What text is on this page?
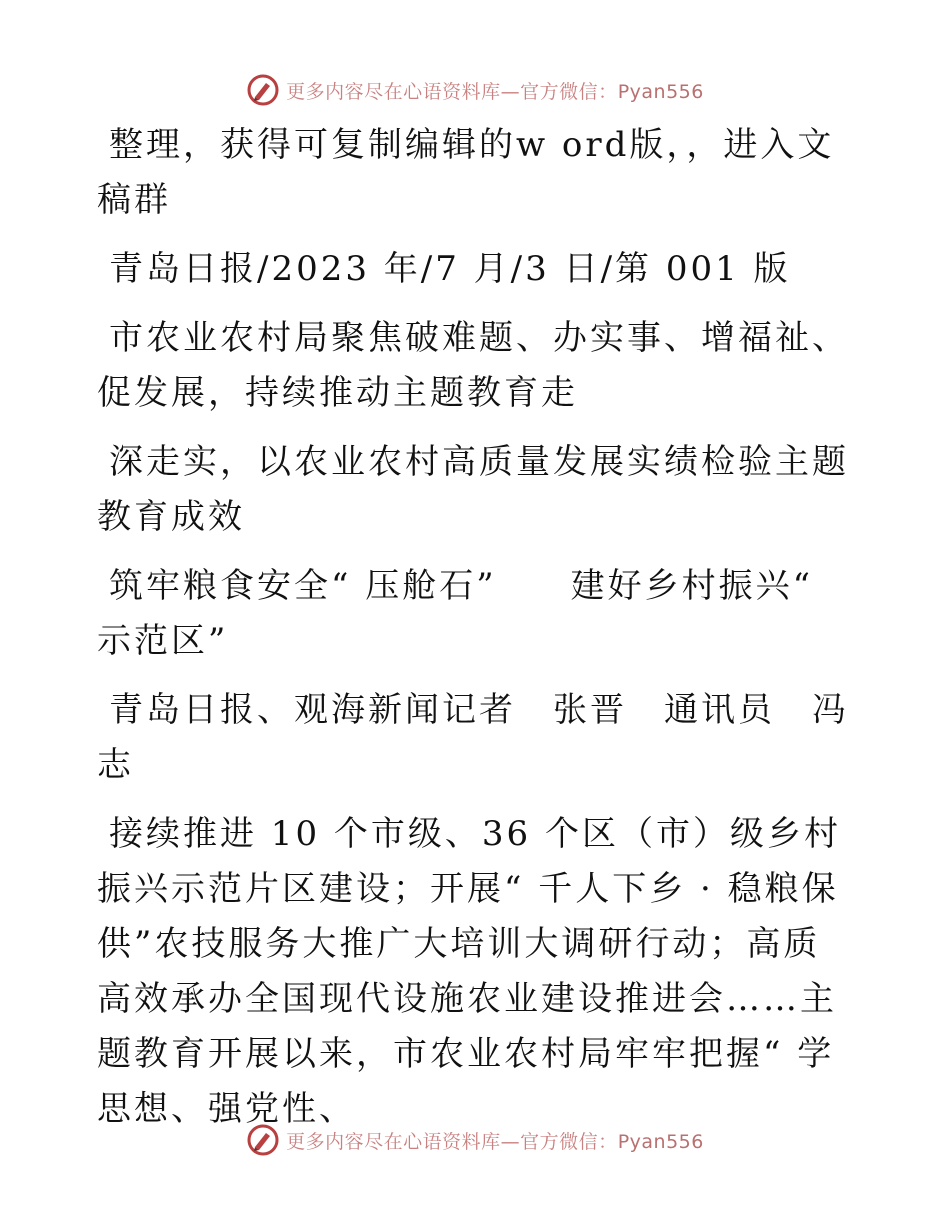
更多内容尽在心语资料库—官方微信：Pyan556

整理，获得可复制编辑的w ord版，，进入文稿群

青岛日报/2023 年/7 月/3 日/第 001 版

市农业农村局聚焦破难题、办实事、增福祉、促发展，持续推动主题教育走

深走实，以农业农村高质量发展实绩检验主题教育成效

筑牢粮食安全“ 压舱石”　　建好乡村振兴“ 示范区”

青岛日报、观海新闻记者　张晋　通讯员　冯志

接续推进 10 个市级、36 个区（市）级乡村振兴示范片区建设；开展“ 千人下乡 · 稳粮保供”农技服务大推广大培训大调研行动；高质高效承办全国现代设施农业建设推进会……主题教育开展以来，市农业农村局牢牢把握“ 学思想、强党性、

更多内容尽在心语资料库—官方微信：Pyan556
